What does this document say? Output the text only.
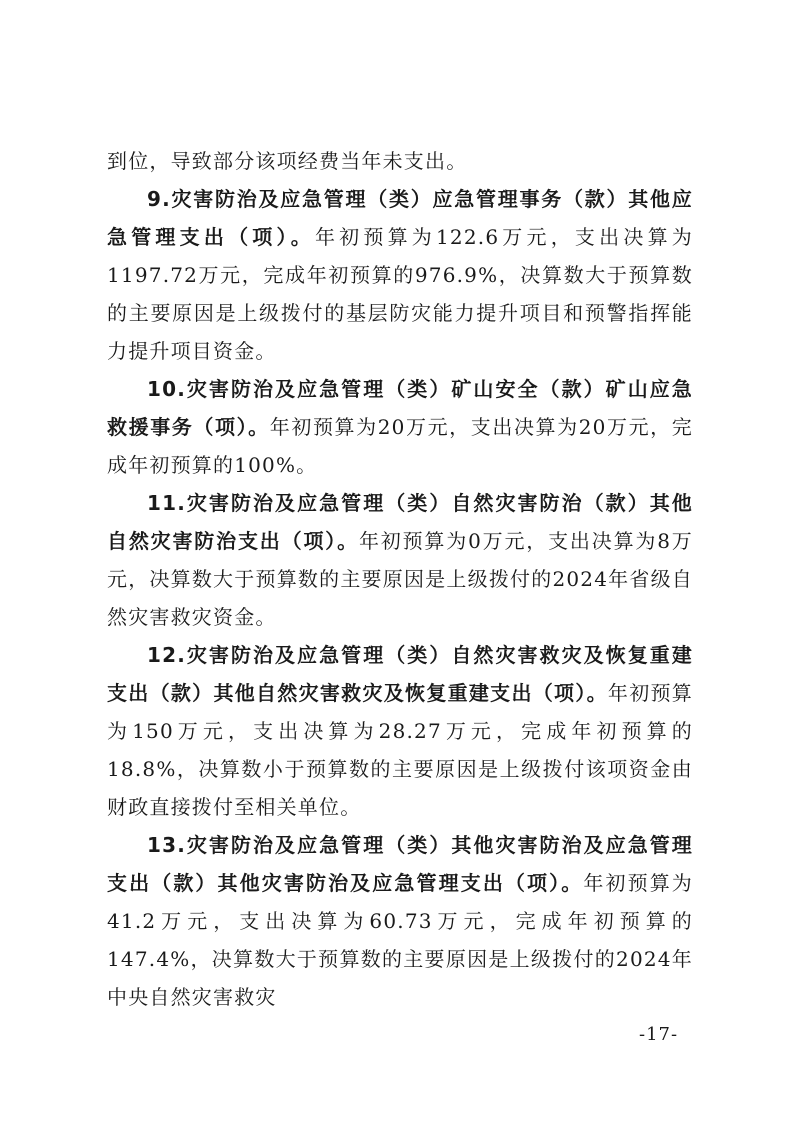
到位，导致部分该项经费当年未支出。

9.灾害防治及应急管理（类）应急管理事务（款）其他应急管理支出（项）。年初预算为122.6万元，支出决算为1197.72万元，完成年初预算的976.9%，决算数大于预算数的主要原因是上级拨付的基层防灾能力提升项目和预警指挥能力提升项目资金。

10.灾害防治及应急管理（类）矿山安全（款）矿山应急救援事务（项）。年初预算为20万元，支出决算为20万元，完成年初预算的100%。

11.灾害防治及应急管理（类）自然灾害防治（款）其他自然灾害防治支出（项）。年初预算为0万元，支出决算为8万元，决算数大于预算数的主要原因是上级拨付的2024年省级自然灾害救灾资金。

12.灾害防治及应急管理（类）自然灾害救灾及恢复重建支出（款）其他自然灾害救灾及恢复重建支出（项）。年初预算为150万元，支出决算为28.27万元，完成年初预算的18.8%，决算数小于预算数的主要原因是上级拨付该项资金由财政直接拨付至相关单位。

13.灾害防治及应急管理（类）其他灾害防治及应急管理支出（款）其他灾害防治及应急管理支出（项）。年初预算为41.2万元，支出决算为60.73万元，完成年初预算的147.4%，决算数大于预算数的主要原因是上级拨付的2024年中央自然灾害救灾

-17-
